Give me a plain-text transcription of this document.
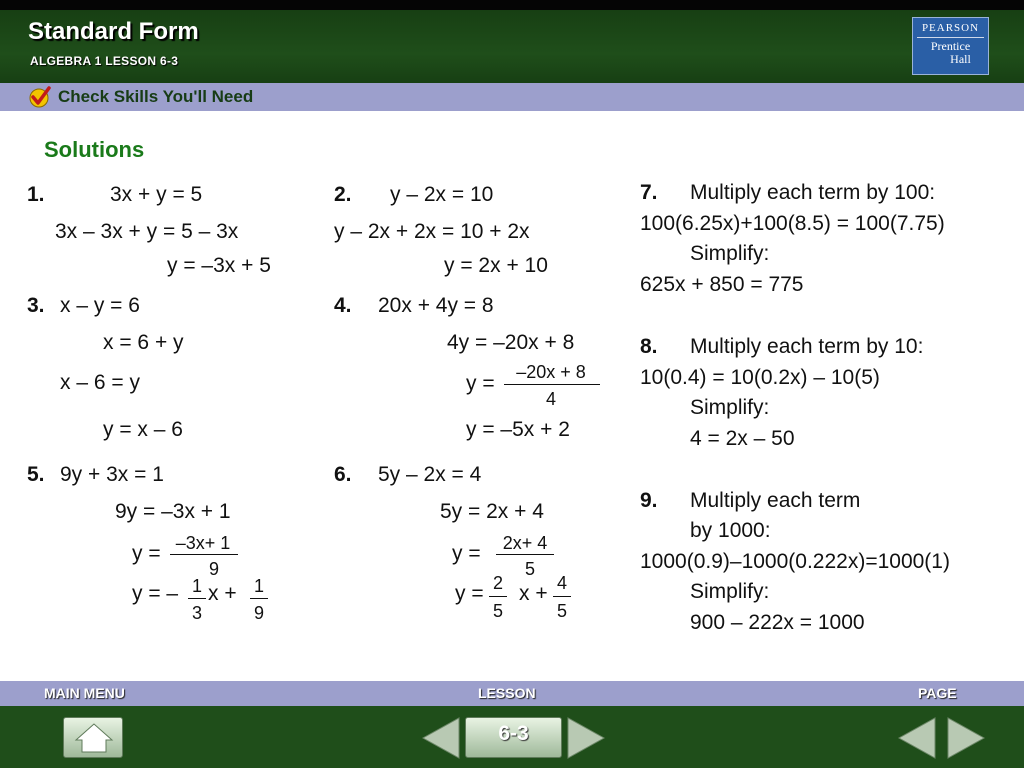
Standard Form
ALGEBRA 1 LESSON 6-3
PEARSON
Prentice
Hall
Check Skills You'll Need
Solutions
1.	3x + y = 5
3x – 3x + y = 5 – 3x
y = –3x + 5
2. y – 2x = 10
y – 2x + 2x = 10 + 2x
y = 2x + 10
3. x – y = 6
x = 6 + y
x – 6 = y
y = x – 6
4. 20x + 4y = 8
4y = –20x + 8
y =	–20x + 8
4
y = –5x + 2
5. 9y + 3x = 1
9y = –3x + 1
y = –3x+ 1
9
y = – 1
3
x + 1
9
6. 5y – 2x = 4
5y = 2x + 4
y =	2x+ 4
5
y = 2
5
x + 4
5
7. Multiply each term by 100:
100(6.25x)+100(8.5) = 100(7.75)
Simplify:
625x + 850 = 775
8. Multiply each term by 10:
10(0.4) = 10(0.2x) – 10(5)
Simplify:
4 = 2x – 50
9. Multiply each term
by 1000:
1000(0.9)–1000(0.222x)=1000(1)
Simplify:
900 – 222x = 1000
MAIN MENU	LESSON	PAGE
6-3
